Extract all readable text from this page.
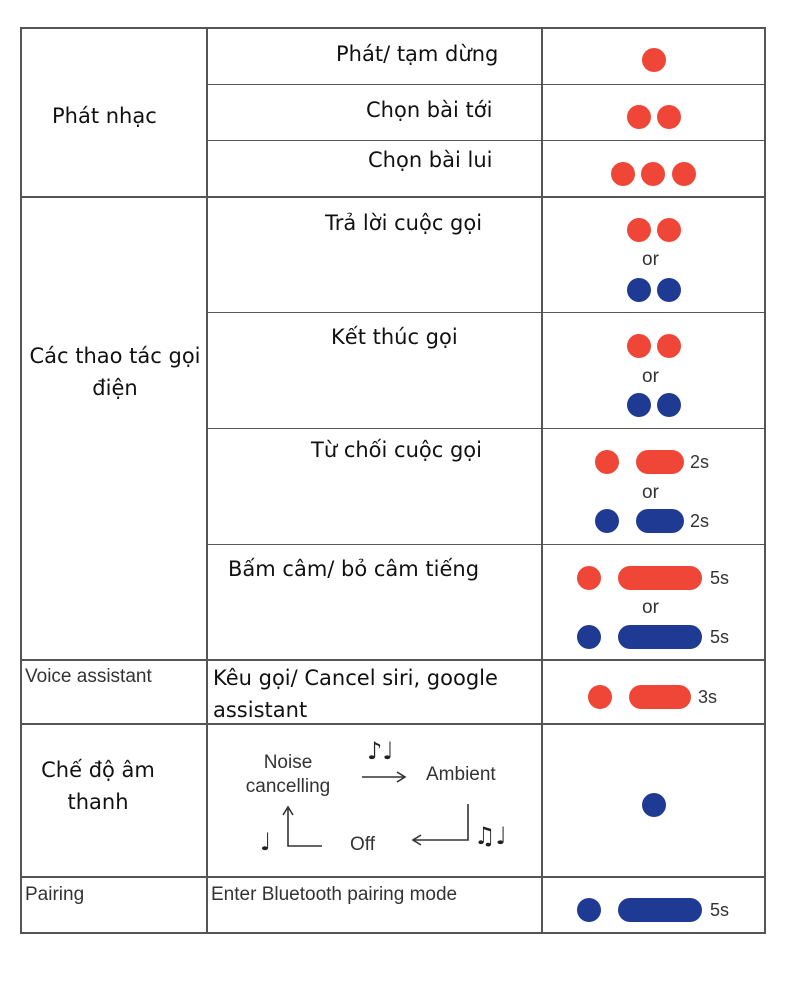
Phát nhạc
Các thao tác gọi điện
Voice assistant
Chế độ âm thanh
Pairing
Phát/ tạm dừng
Chọn bài tới
Chọn bài lui
Trả lời cuộc gọi
Kết thúc gọi
Từ chối cuộc gọi
Bấm câm/ bỏ câm tiếng
Kêu gọi/ Cancel siri, google assistant
Enter Bluetooth pairing mode
or
or
2s
or
2s
5s
or
5s
3s
Noise cancelling
♪♩
Ambient
Off
♩	♫♩
5s
